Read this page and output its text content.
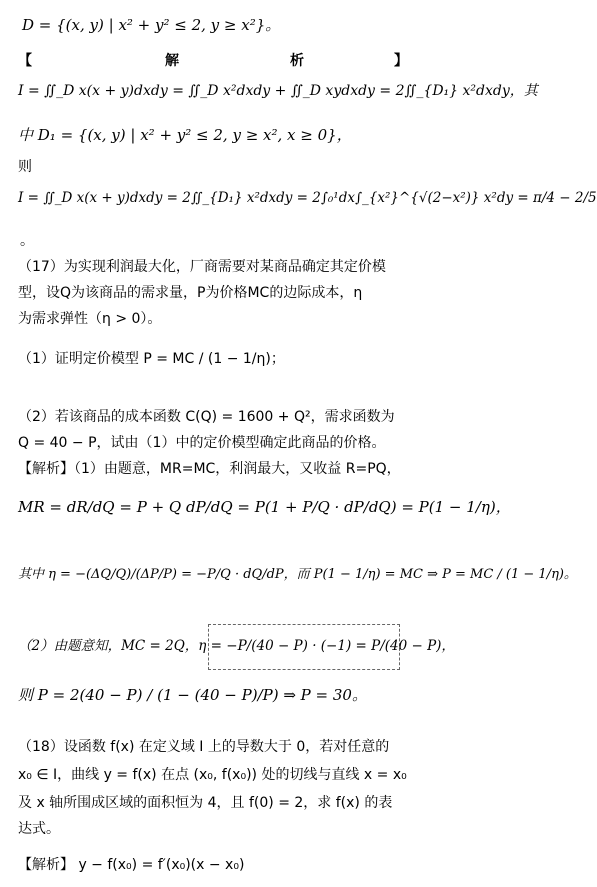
D = {(x, y) | x² + y² ≤ 2, y ≥ x²}。
【	解	析	】
I = ∬_D x(x + y)dxdy = ∬_D x²dxdy + ∬_D xydxdy = 2∬_{D₁} x²dxdy，其
中 D₁ = {(x, y) | x² + y² ≤ 2, y ≥ x², x ≥ 0}，
则
I = ∬_D x(x + y)dxdy = 2∬_{D₁} x²dxdy = 2∫₀¹dx∫_{x²}^{√(2−x²)} x²dy = π/4 − 2/5
。
（17）为实现利润最大化，厂商需要对某商品确定其定价模
型，设Q为该商品的需求量，P为价格MC的边际成本，η
为需求弹性（η > 0）。
（1）证明定价模型 P = MC / (1 − 1/η)；
（2）若该商品的成本函数 C(Q) = 1600 + Q²，需求函数为
Q = 40 − P，试由（1）中的定价模型确定此商品的价格。
【解析】（1）由题意，MR=MC，利润最大，又收益 R=PQ，
MR = dR/dQ = P + Q dP/dQ = P(1 + P/Q · dP/dQ) = P(1 − 1/η)，
其中 η = −(ΔQ/Q)/(ΔP/P) = −P/Q · dQ/dP，而 P(1 − 1/η) = MC ⇒ P = MC / (1 − 1/η)。
（2）由题意知，MC = 2Q，η = −P/(40 − P) · (−1) = P/(40 − P)，
则 P = 2(40 − P) / (1 − (40 − P)/P) ⇒ P = 30。
（18）设函数 f(x) 在定义域 I 上的导数大于 0，若对任意的
x₀ ∈ I，曲线 y = f(x) 在点 (x₀, f(x₀)) 处的切线与直线 x = x₀
及 x 轴所围成区域的面积恒为 4，且 f(0) = 2，求 f(x) 的表
达式。
【解析】 y − f(x₀) = f′(x₀)(x − x₀)
